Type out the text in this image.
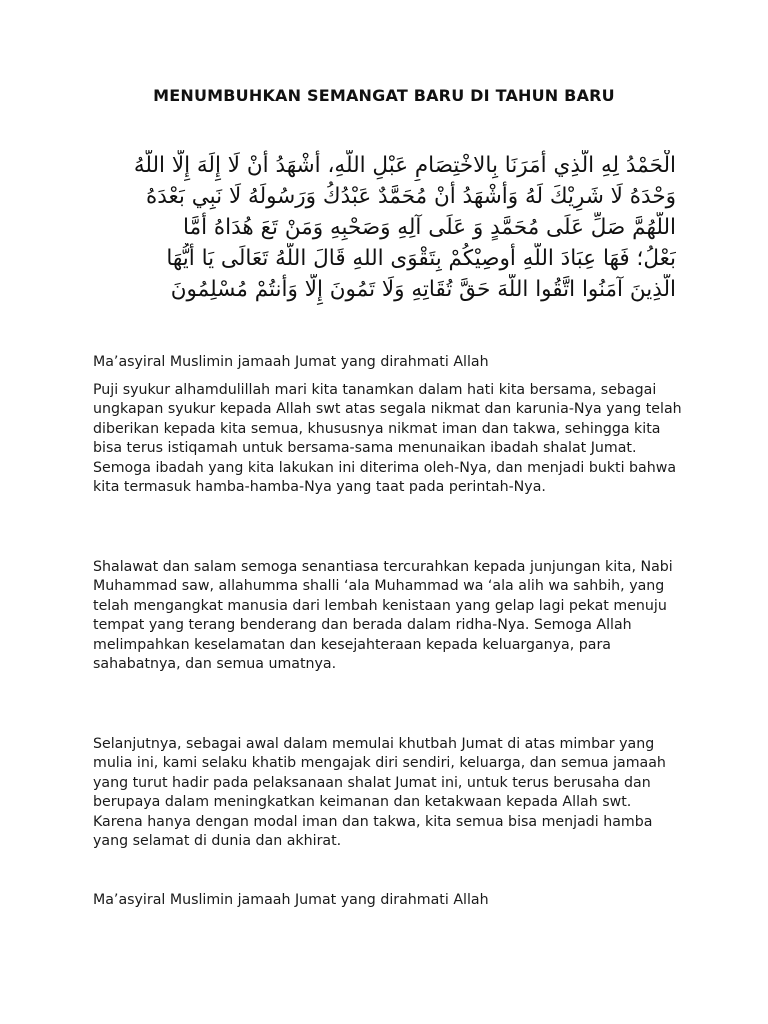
MENUMBUHKAN SEMANGAT BARU DI TAHUN BARU
الْحَمْدُ لِهِ الَّذِي أَمَرَنَا بِالاخْتِصَامِ عَبْلِ اللَّهِ، أَشْهَدُ أَنْ لَا إِلَهَ إِلَّا اللَّهُ
وَحْدَهُ لَا شَرِيْكَ لَهُ وَأَشْهَدُ أَنْ مُحَمَّدٌ عَبْدُكُ وَرَسُولَهُ لَا نَبِي بَعْدَهُ
اللَّهُمَّ صَلِّ عَلَى مُحَمَّدٍ وَ عَلَى آلِهِ وَصَحْبِهِ وَمَنْ تَعَ هُدَاهُ أَمَّا
بَعْلُ؛ فَهَا عِبَادَ اللَّهِ أُوصِيْكُمْ بِتَقْوَى اللهِ قَالَ اللَّهُ تَعَالَى يَا أَيُّهَا
الَّذِينَ آمَنُوا اتَّقُوا اللَّهَ حَقَّ تُقَاتِهِ وَلَا تَمُونَ إِلَّا وَأَنتُمْ مُسْلِمُونَ

Ma’asyiral Muslimin jamaah Jumat yang dirahmati Allah

Puji syukur alhamdulillah mari kita tanamkan dalam hati kita bersama, sebagai ungkapan syukur kepada Allah swt atas segala nikmat dan karunia-Nya yang telah diberikan kepada kita semua, khususnya nikmat iman dan takwa, sehingga kita bisa terus istiqamah untuk bersama-sama menunaikan ibadah shalat Jumat. Semoga ibadah yang kita lakukan ini diterima oleh-Nya, dan menjadi bukti bahwa kita termasuk hamba-hamba-Nya yang taat pada perintah-Nya.

Shalawat dan salam semoga senantiasa tercurahkan kepada junjungan kita, Nabi Muhammad saw, allahumma shalli ‘ala Muhammad wa ‘ala alih wa sahbih, yang telah mengangkat manusia dari lembah kenistaan yang gelap lagi pekat menuju tempat yang terang benderang dan berada dalam ridha-Nya. Semoga Allah melimpahkan keselamatan dan kesejahteraan kepada keluarganya, para sahabatnya, dan semua umatnya.

Selanjutnya, sebagai awal dalam memulai khutbah Jumat di atas mimbar yang mulia ini, kami selaku khatib mengajak diri sendiri, keluarga, dan semua jamaah yang turut hadir pada pelaksanaan shalat Jumat ini, untuk terus berusaha dan berupaya dalam meningkatkan keimanan dan ketakwaan kepada Allah swt. Karena hanya dengan modal iman dan takwa, kita semua bisa menjadi hamba yang selamat di dunia dan akhirat.

Ma’asyiral Muslimin jamaah Jumat yang dirahmati Allah
